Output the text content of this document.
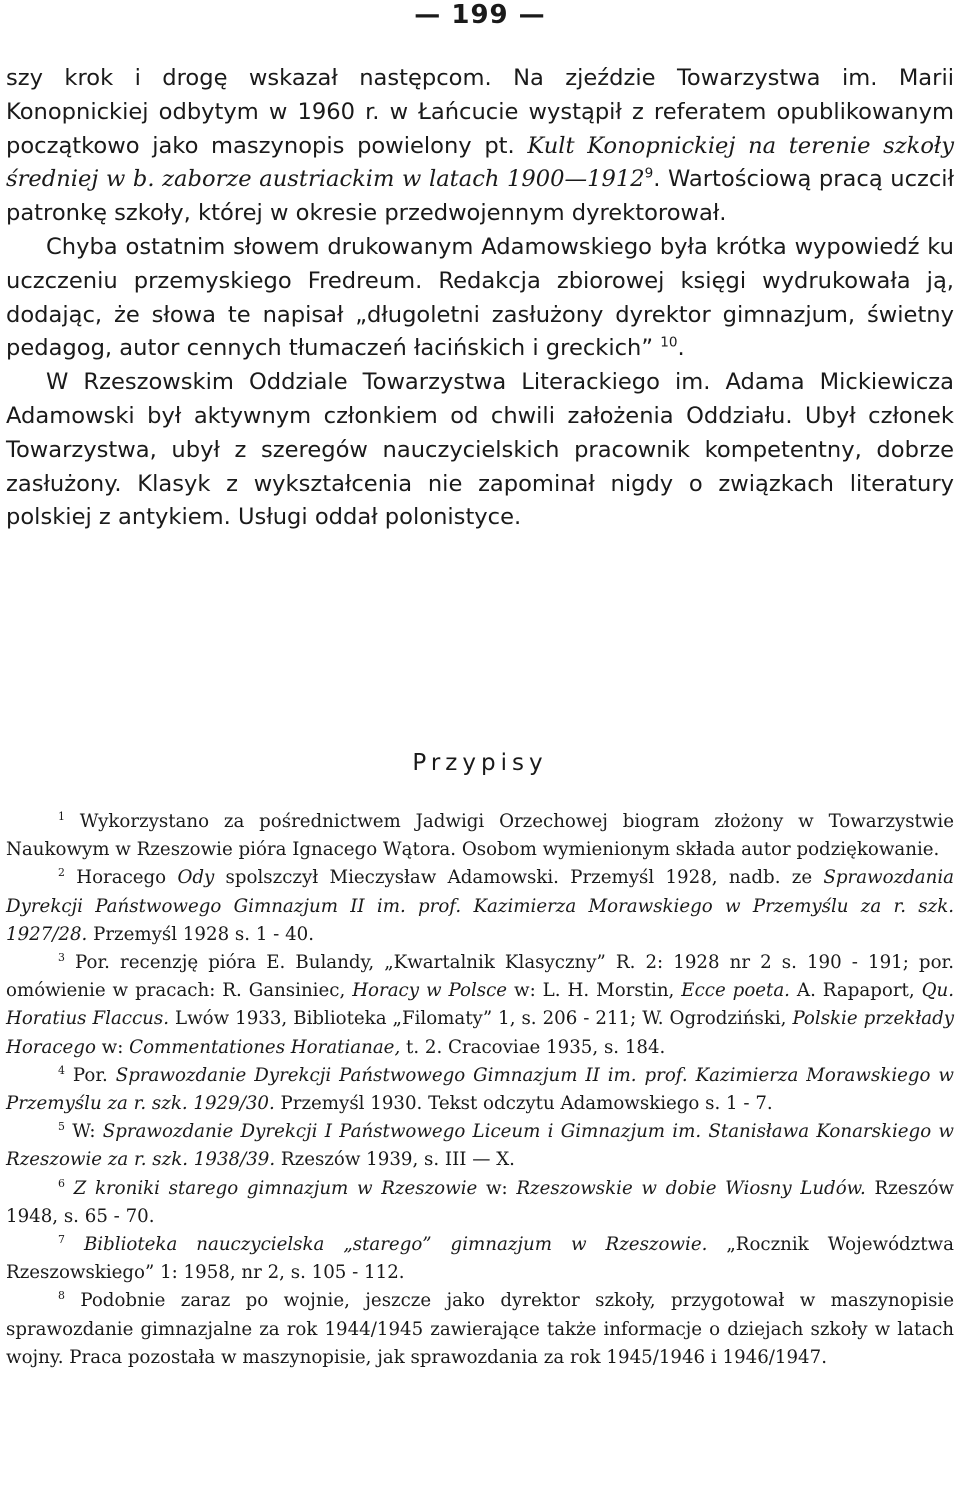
— 199 —

szy krok i drogę wskazał następcom. Na zjeździe Towarzystwa im. Marii Konopnickiej odbytym w 1960 r. w Łańcucie wystąpił z referatem opublikowanym początkowo jako maszynopis powielony pt. Kult Konopnickiej na terenie szkoły średniej w b. zaborze austriackim w latach 1900—1912$^9$. Wartościową pracą uczcił patronkę szkoły, której w okresie przedwojennym dyrektorował.

Chyba ostatnim słowem drukowanym Adamowskiego była krótka wypowiedź ku uczczeniu przemyskiego Fredreum. Redakcja zbiorowej księgi wydrukowała ją, dodając, że słowa te napisał „długoletni zasłużony dyrektor gimnazjum, świetny pedagog, autor cennych tłumaczeń łacińskich i greckich” $^{10}$.

W Rzeszowskim Oddziale Towarzystwa Literackiego im. Adama Mickiewicza Adamowski był aktywnym członkiem od chwili założenia Oddziału. Ubył członek Towarzystwa, ubył z szeregów nauczycielskich pracownik kompetentny, dobrze zasłużony. Klasyk z wykształcenia nie zapominał nigdy o związkach literatury polskiej z antykiem. Usługi oddał polonistyce.

Przypisy

$^1$ Wykorzystano za pośrednictwem Jadwigi Orzechowej biogram złożony w Towarzystwie Naukowym w Rzeszowie pióra Ignacego Wątora. Osobom wymienionym składa autor podziękowanie.

$^2$ Horacego Ody spolszczył Mieczysław Adamowski. Przemyśl 1928, nadb. ze Sprawozdania Dyrekcji Państwowego Gimnazjum II im. prof. Kazimierza Morawskiego w Przemyślu za r. szk. 1927/28. Przemyśl 1928 s. 1 - 40.

$^3$ Por. recenzję pióra E. Bulandy, „Kwartalnik Klasyczny” R. 2: 1928 nr 2 s. 190 - 191; por. omówienie w pracach: R. Gansiniec, Horacy w Polsce w: L. H. Morstin, Ecce poeta. A. Rapaport, Qu. Horatius Flaccus. Lwów 1933, Biblioteka „Filomaty” 1, s. 206 - 211; W. Ogrodziński, Polskie przekłady Horacego w: Commentationes Horatianae, t. 2. Cracoviae 1935, s. 184.

$^4$ Por. Sprawozdanie Dyrekcji Państwowego Gimnazjum II im. prof. Kazimierza Morawskiego w Przemyślu za r. szk. 1929/30. Przemyśl 1930. Tekst odczytu Adamowskiego s. 1 - 7.

$^5$ W: Sprawozdanie Dyrekcji I Państwowego Liceum i Gimnazjum im. Stanisława Konarskiego w Rzeszowie za r. szk. 1938/39. Rzeszów 1939, s. III — X.

$^6$ Z kroniki starego gimnazjum w Rzeszowie w: Rzeszowskie w dobie Wiosny Ludów. Rzeszów 1948, s. 65 - 70.

$^7$ Biblioteka nauczycielska „starego” gimnazjum w Rzeszowie. „Rocznik Województwa Rzeszowskiego” 1: 1958, nr 2, s. 105 - 112.

$^8$ Podobnie zaraz po wojnie, jeszcze jako dyrektor szkoły, przygotował w maszynopisie sprawozdanie gimnazjalne za rok 1944/1945 zawierające także informacje o dziejach szkoły w latach wojny. Praca pozostała w maszynopisie, jak sprawozdania za rok 1945/1946 i 1946/1947.
